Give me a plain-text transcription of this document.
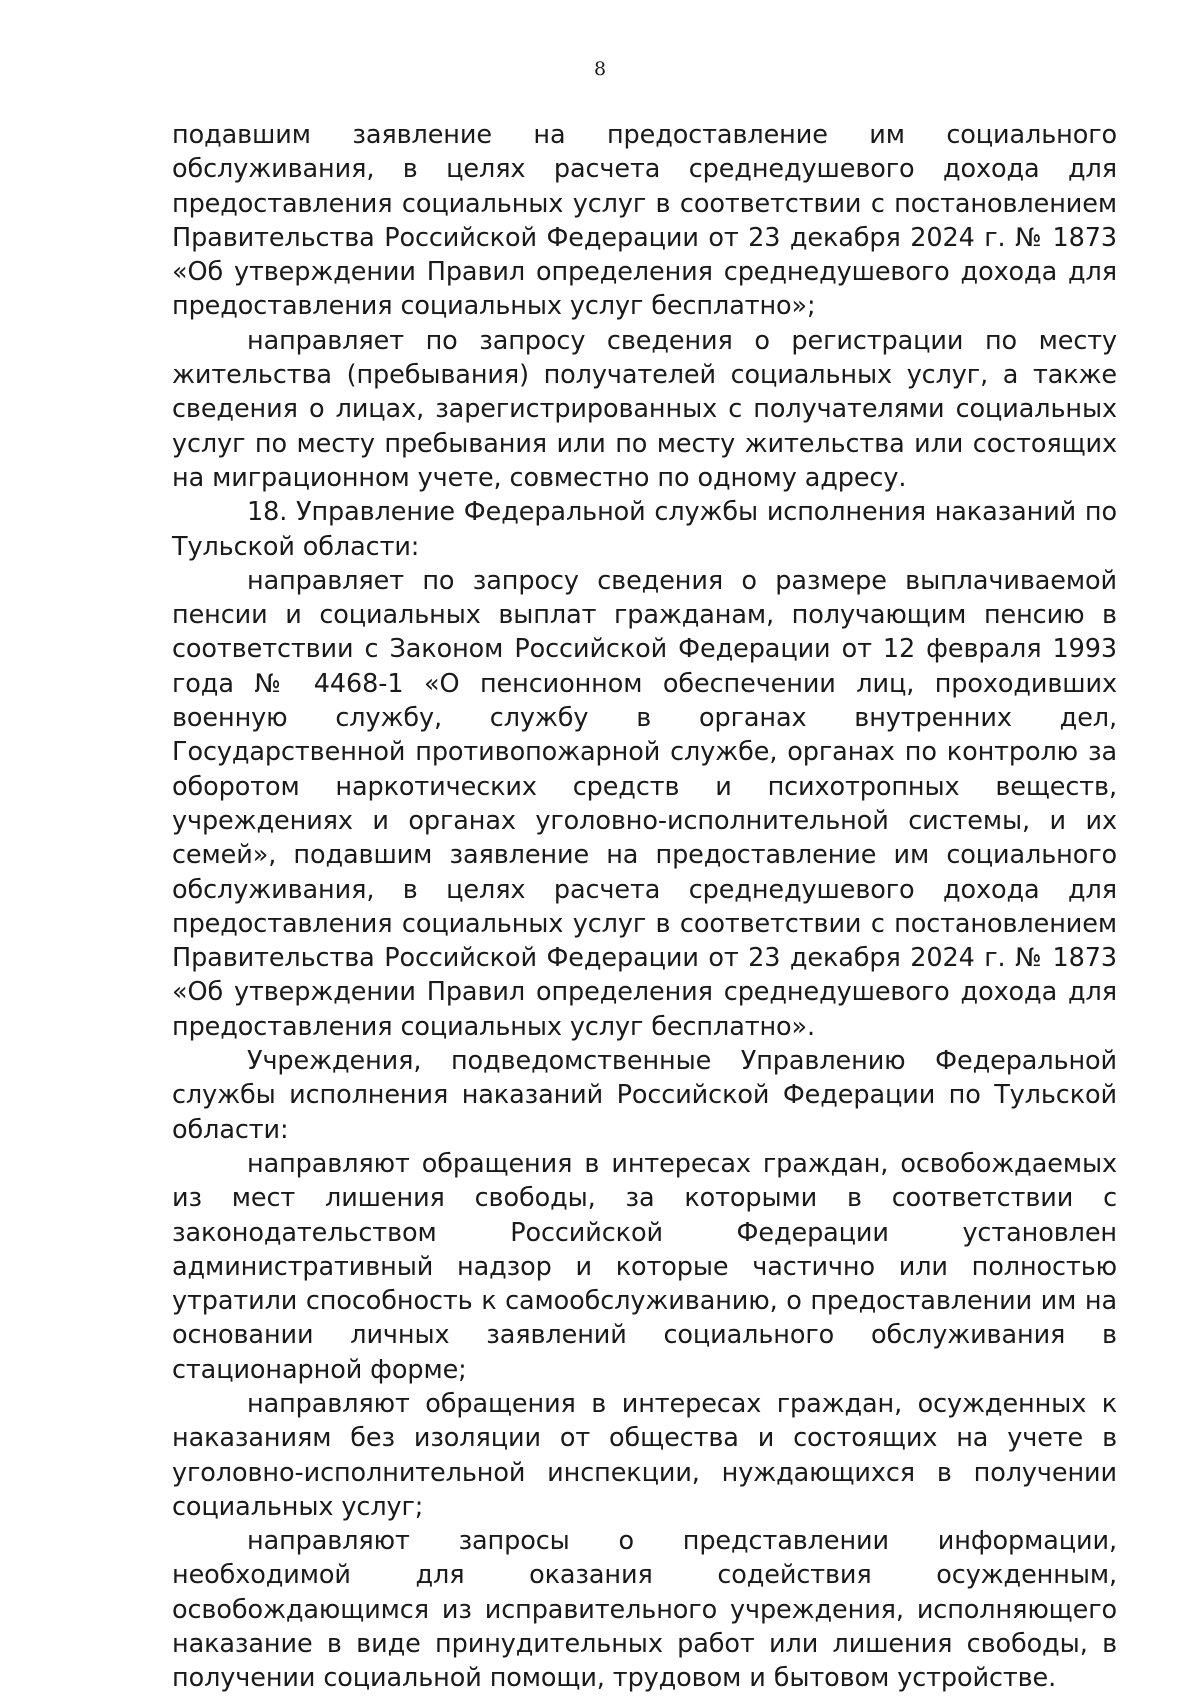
8

подавшим заявление на предоставление им социального обслуживания, в целях расчета среднедушевого дохода для предоставления социальных услуг в соответствии с постановлением Правительства Российской Федерации от 23 декабря 2024 г. № 1873 «Об утверждении Правил определения среднедушевого дохода для предоставления социальных услуг бесплатно»;

направляет по запросу сведения о регистрации по месту жительства (пребывания) получателей социальных услуг, а также сведения о лицах, зарегистрированных с получателями социальных услуг по месту пребывания или по месту жительства или состоящих на миграционном учете, совместно по одному адресу.

18. Управление Федеральной службы исполнения наказаний по Тульской области:

направляет по запросу сведения о размере выплачиваемой пенсии и социальных выплат гражданам, получающим пенсию в соответствии с Законом Российской Федерации от 12 февраля 1993 года № 4468-1 «О пенсионном обеспечении лиц, проходивших военную службу, службу в органах внутренних дел, Государственной противопожарной службе, органах по контролю за оборотом наркотических средств и психотропных веществ, учреждениях и органах уголовно-исполнительной системы, и их семей», подавшим заявление на предоставление им социального обслуживания, в целях расчета среднедушевого дохода для предоставления социальных услуг в соответствии с постановлением Правительства Российской Федерации от 23 декабря 2024 г. № 1873 «Об утверждении Правил определения среднедушевого дохода для предоставления социальных услуг бесплатно».

Учреждения, подведомственные Управлению Федеральной службы исполнения наказаний Российской Федерации по Тульской области:

направляют обращения в интересах граждан, освобождаемых из мест лишения свободы, за которыми в соответствии с законодательством Российской Федерации установлен административный надзор и которые частично или полностью утратили способность к самообслуживанию, о предоставлении им на основании личных заявлений социального обслуживания в стационарной форме;

направляют обращения в интересах граждан, осужденных к наказаниям без изоляции от общества и состоящих на учете в уголовно-исполнительной инспекции, нуждающихся в получении социальных услуг;

направляют запросы о представлении информации, необходимой для оказания содействия осужденным, освобождающимся из исправительного учреждения, исполняющего наказание в виде принудительных работ или лишения свободы, в получении социальной помощи, трудовом и бытовом устройстве.
